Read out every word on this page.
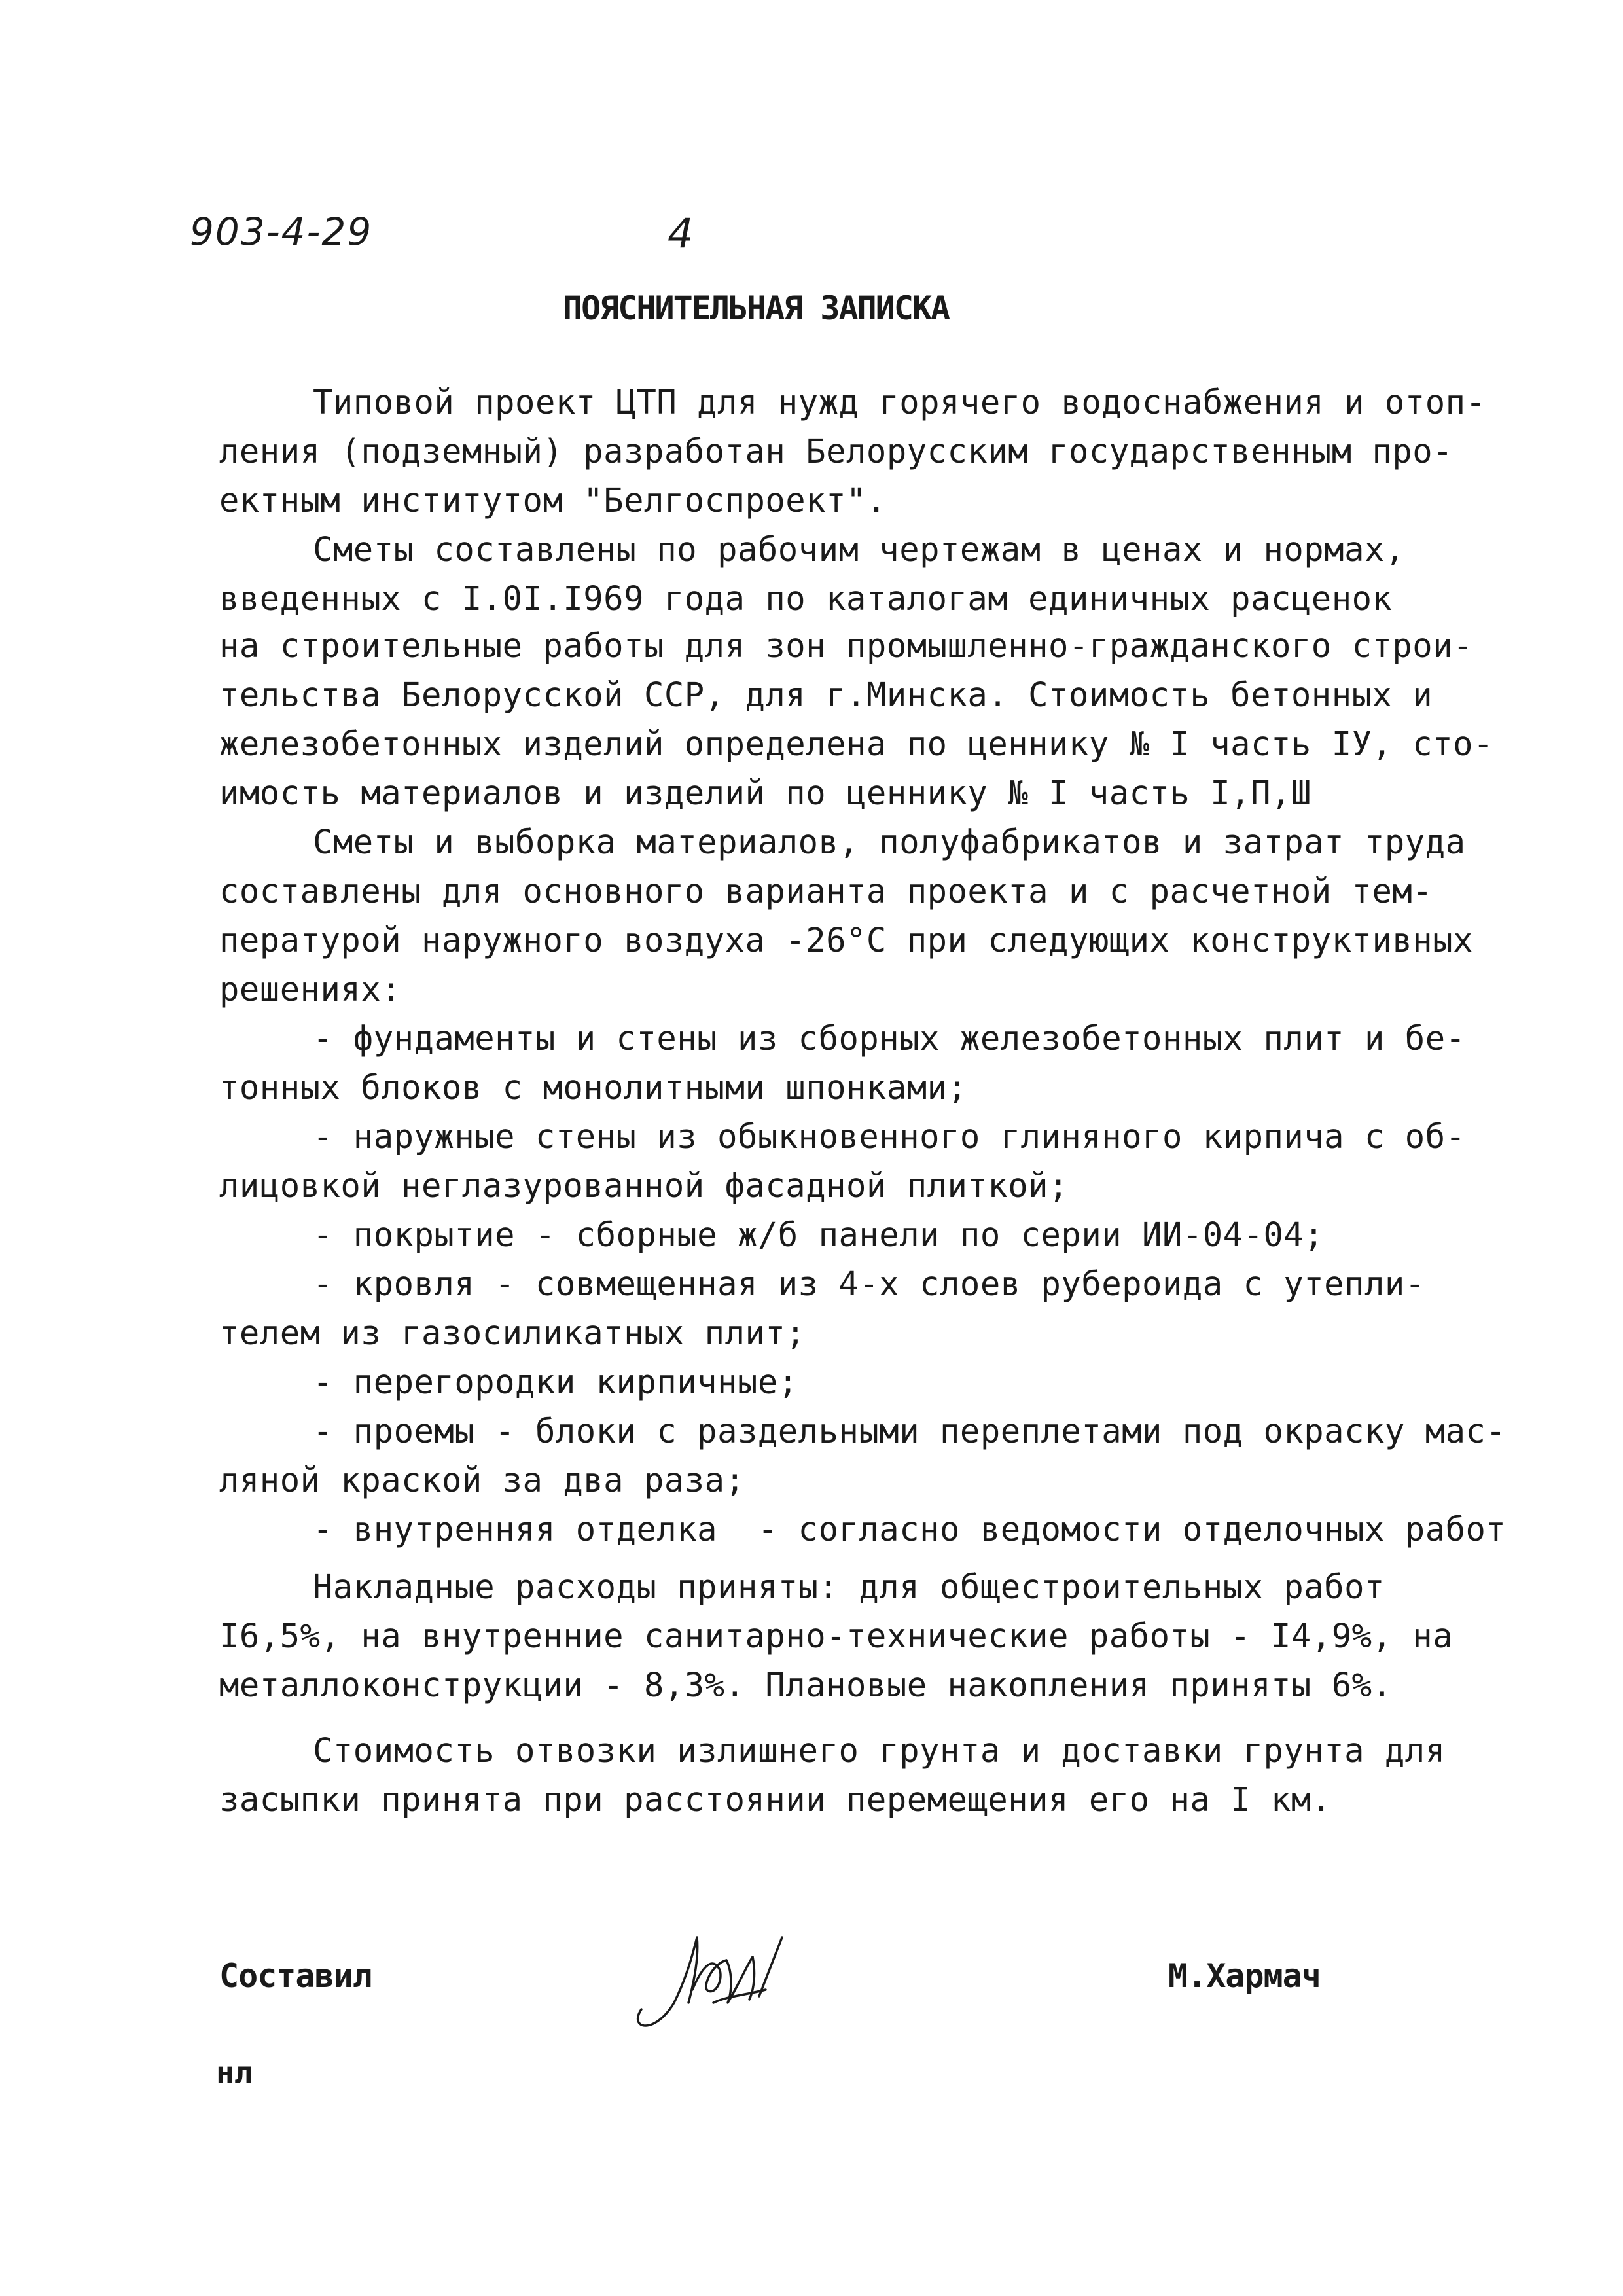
903-4-29	4
ПОЯСНИТЕЛЬНАЯ ЗАПИСКА
Типовой проект ЦТП для нужд горячего водоснабжения и отоп-
ления (подземный) разработан Белорусским государственным про-
ектным институтом "Белгоспроект".
Сметы составлены по рабочим чертежам в ценах и нормах,
введенных с I.0I.I969 года по каталогам единичных расценок
на строительные работы для зон промышленно-гражданского строи-
тельства Белорусской ССР, для г.Минска. Стоимость бетонных и
железобетонных изделий определена по ценнику № I часть IУ, сто-
имость материалов и изделий по ценнику № I часть I,П,Ш
Сметы и выборка материалов, полуфабрикатов и затрат труда
составлены для основного варианта проекта и с расчетной тем-
пературой наружного воздуха -26°С при следующих конструктивных
решениях:
- фундаменты и стены из сборных железобетонных плит и бе-
тонных блоков с монолитными шпонками;
- наружные стены из обыкновенного глиняного кирпича с об-
лицовкой неглазурованной фасадной плиткой;
- покрытие - сборные ж/б панели по серии ИИ-04-04;
- кровля - совмещенная из 4-х слоев рубероида с утепли-
телем из газосиликатных плит;
- перегородки кирпичные;
- проемы - блоки с раздельными переплетами под окраску мас-
ляной краской за два раза;
- внутренняя отделка  - согласно ведомости отделочных работ
Накладные расходы приняты: для общестроительных работ
I6,5%, на внутренние санитарно-технические работы - I4,9%, на
металлоконструкции - 8,3%. Плановые накопления приняты 6%.
Стоимость отвозки излишнего грунта и доставки грунта для
засыпки принята при расстоянии перемещения его на I км.
Составил	М.Хармач
нл
